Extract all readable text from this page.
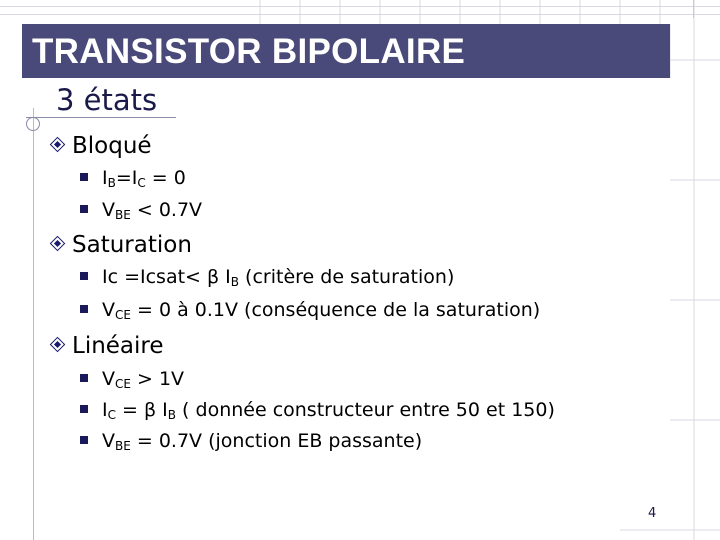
TRANSISTOR BIPOLAIRE
3 états
Bloqué
$I_B=I_C = 0$
$V_{BE} < 0.7V$
Saturation
Ic =Icsat< β $I_B$ (critère de saturation)
$V_{CE} = 0$ à 0.1V (conséquence de la saturation)
Linéaire
$V_{CE} > 1V$
$I_C = \beta$ $I_B$ ( donnée constructeur entre 50 et 150)
$V_{BE} = 0.7V$ (jonction EB passante)
4
